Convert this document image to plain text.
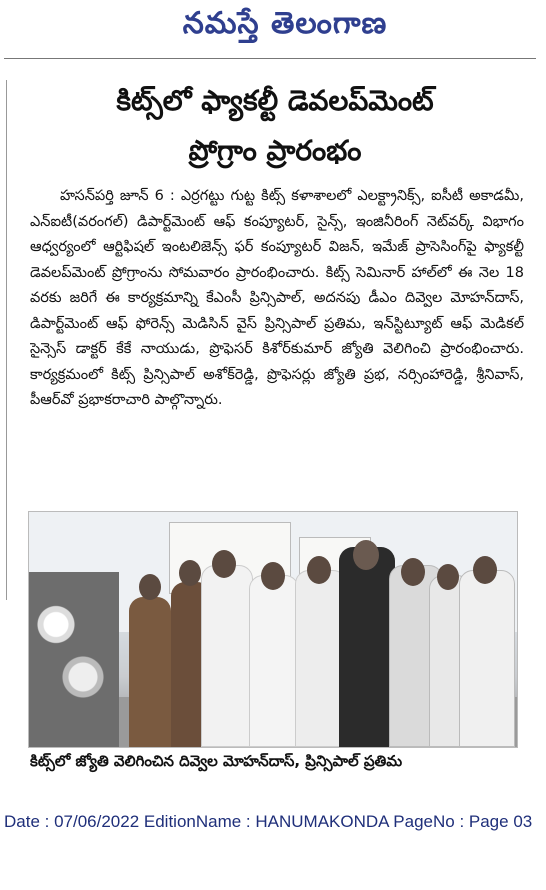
నమస్తే తెలంగాణ
కిట్స్‌లో ఫ్యాకల్టీ డెవలప్‌మెంట్
ప్రోగ్రాం ప్రారంభం

హసన్‌పర్తి జూన్ 6 : ఎర్రగట్టు గుట్ట కిట్స్ కళాశాలలో ఎలక్ట్రానిక్స్, ఐసీటీ అకాడమీ, ఎన్ఐటీ(వరంగల్) డిపార్ట్‌మెంట్ ఆఫ్ కంప్యూటర్, సైన్స్, ఇంజినీరింగ్ నెట్‌వర్క్ విభాగం ఆధ్వర్యంలో ఆర్టిఫిషల్ ఇంటలిజెన్స్ ఫర్ కంప్యూటర్ విజన్, ఇమేజ్ ప్రాసెసింగ్‌పై ఫ్యాకల్టీ డెవలప్‌మెంట్ ప్రోగ్రాంను సోమవారం ప్రారంభించారు. కిట్స్ సెమినార్ హాల్‌లో ఈ నెల 18 వరకు జరిగే ఈ కార్యక్రమాన్ని కేఎంసీ ప్రిన్సిపాల్, అదనపు డీఎం దివ్వెల మోహన్‌దాస్, డిపార్ట్‌మెంట్ ఆఫ్ ఫోరెన్స్ మెడిసిన్ వైస్ ప్రిన్సిపాల్ ప్రతిమ, ఇన్‌స్టిట్యూట్ ఆఫ్ మెడికల్ సైన్సెస్ డాక్టర్ కేకే నాయుడు, ప్రొఫెసర్ కిశోర్‌కుమార్ జ్యోతి వెలిగించి ప్రారంభించారు. కార్యక్రమంలో కిట్స్ ప్రిన్సిపాల్ అశోక్‌రెడ్డి, ప్రొఫెసర్లు జ్యోతి ప్రభ, నర్సింహారెడ్డి, శ్రీనివాస్, పీఆర్‌వో ప్రభాకరాచారి పాల్గొన్నారు.

కిట్స్‌లో జ్యోతి వెలిగించిన దివ్వెల మోహన్‌దాస్, ప్రిన్సిపాల్ ప్రతిమ
Date : 07/06/2022 EditionName : HANUMAKONDA PageNo : Page 03
